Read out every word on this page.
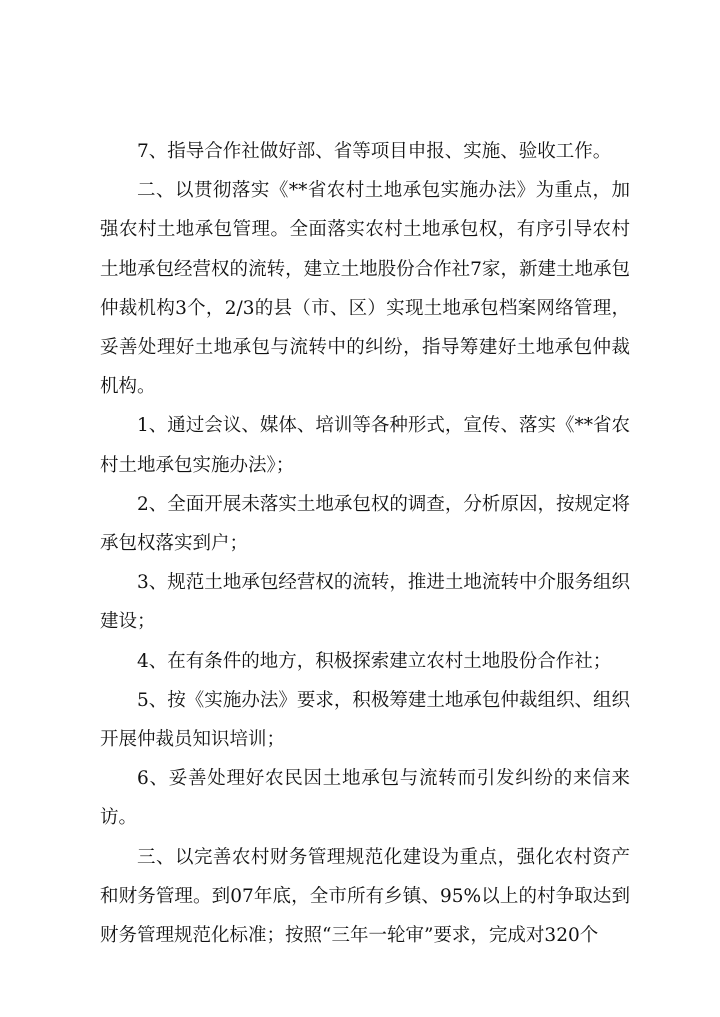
7、指导合作社做好部、省等项目申报、实施、验收工作。

二、以贯彻落实《**省农村土地承包实施办法》为重点，加强农村土地承包管理。全面落实农村土地承包权，有序引导农村土地承包经营权的流转，建立土地股份合作社7家，新建土地承包仲裁机构3个，2/3的县（市、区）实现土地承包档案网络管理，妥善处理好土地承包与流转中的纠纷，指导筹建好土地承包仲裁机构。

1、通过会议、媒体、培训等各种形式，宣传、落实《**省农村土地承包实施办法》；

2、全面开展未落实土地承包权的调查，分析原因，按规定将承包权落实到户；

3、规范土地承包经营权的流转，推进土地流转中介服务组织建设；

4、在有条件的地方，积极探索建立农村土地股份合作社；

5、按《实施办法》要求，积极筹建土地承包仲裁组织、组织开展仲裁员知识培训；

6、妥善处理好农民因土地承包与流转而引发纠纷的来信来访。

三、以完善农村财务管理规范化建设为重点，强化农村资产和财务管理。到07年底，全市所有乡镇、95%以上的村争取达到财务管理规范化标准；按照“三年一轮审”要求，完成对320个
